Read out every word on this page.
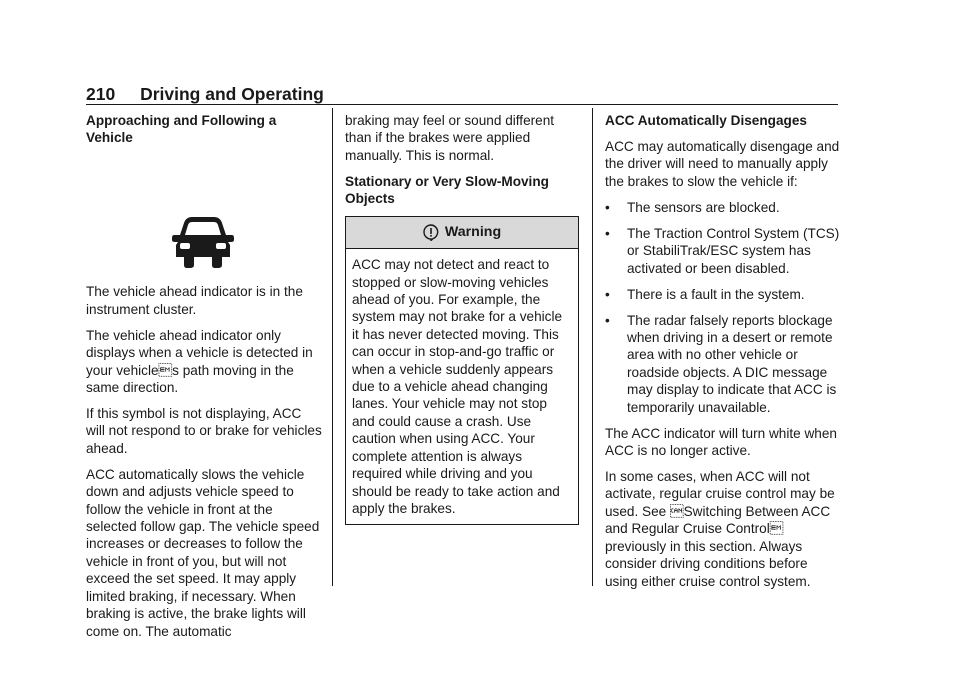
210 Driving and Operating
Approaching and Following a Vehicle

The vehicle ahead indicator is in the instrument cluster.

The vehicle ahead indicator only displays when a vehicle is detected in your vehicles path moving in the same direction.

If this symbol is not displaying, ACC will not respond to or brake for vehicles ahead.

ACC automatically slows the vehicle down and adjusts vehicle speed to follow the vehicle in front at the selected follow gap. The vehicle speed increases or decreases to follow the vehicle in front of you, but will not exceed the set speed. It may apply limited braking, if necessary. When braking is active, the brake lights will come on. The automatic

braking may feel or sound different than if the brakes were applied manually. This is normal.

Stationary or Very Slow-Moving Objects
Warning
ACC may not detect and react to stopped or slow-moving vehicles ahead of you. For example, the system may not brake for a vehicle it has never detected moving. This can occur in stop-and-go traffic or when a vehicle suddenly appears due to a vehicle ahead changing lanes. Your vehicle may not stop and could cause a crash. Use caution when using ACC. Your complete attention is always required while driving and you should be ready to take action and apply the brakes.
ACC Automatically Disengages

ACC may automatically disengage and the driver will need to manually apply the brakes to slow the vehicle if:

• The sensors are blocked.
• The Traction Control System (TCS) or StabiliTrak/ESC system has activated or been disabled.
• There is a fault in the system.
• The radar falsely reports blockage when driving in a desert or remote area with no other vehicle or roadside objects. A DIC message may display to indicate that ACC is temporarily unavailable.

The ACC indicator will turn white when ACC is no longer active.

In some cases, when ACC will not activate, regular cruise control may be used. See Switching Between ACC and Regular Cruise Control previously in this section. Always consider driving conditions before using either cruise control system.
